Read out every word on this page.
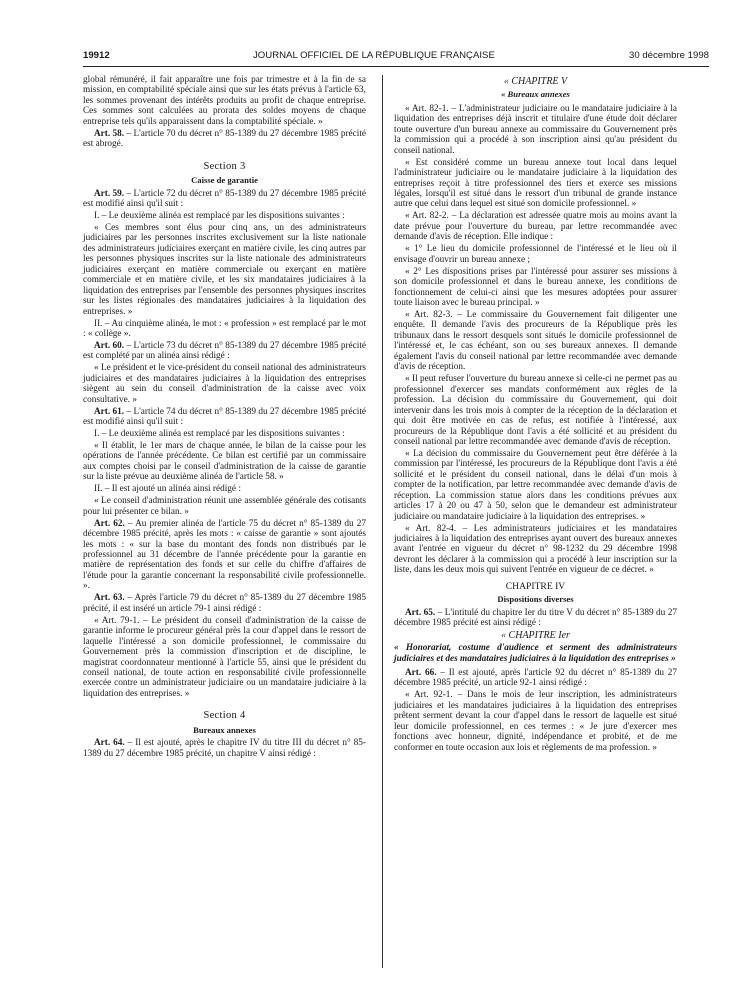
19912	JOURNAL OFFICIEL DE LA RÉPUBLIQUE FRANÇAISE	30 décembre 1998

global rémunéré, il fait apparaître une fois par trimestre et à la fin de sa mission, en comptabilité spéciale ainsi que sur les états prévus à l'article 63, les sommes provenant des intérêts produits au profit de chaque entreprise. Ces sommes sont calculées au prorata des soldes moyens de chaque entreprise tels qu'ils apparaissent dans la comptabilité spéciale. »

Art. 58. – L'article 70 du décret n° 85-1389 du 27 décembre 1985 précité est abrogé.

Section 3
Caisse de garantie

Art. 59. – L'article 72 du décret n° 85-1389 du 27 décembre 1985 précité est modifié ainsi qu'il suit :

I. – Le deuxième alinéa est remplacé par les dispositions suivantes :

« Ces membres sont élus pour cinq ans, un des administrateurs judiciaires par les personnes inscrites exclusivement sur la liste nationale des administrateurs judiciaires exerçant en matière civile, les cinq autres par les personnes physiques inscrites sur la liste nationale des administrateurs judiciaires exerçant en matière commerciale ou exerçant en matière commerciale et en matière civile, et les six mandataires judiciaires à la liquidation des entreprises par l'ensemble des personnes physiques inscrites sur les listes régionales des mandataires judiciaires à la liquidation des entreprises. »

II. – Au cinquième alinéa, le mot : « profession » est remplacé par le mot : « collège ».

Art. 60. – L'article 73 du décret n° 85-1389 du 27 décembre 1985 précité est complété par un alinéa ainsi rédigé :

« Le président et le vice-président du conseil national des administrateurs judiciaires et des mandataires judiciaires à la liquidation des entreprises siègent au sein du conseil d'administration de la caisse avec voix consultative. »

Art. 61. – L'article 74 du décret n° 85-1389 du 27 décembre 1985 précité est modifié ainsi qu'il suit :

I. – Le deuxième alinéa est remplacé par les dispositions suivantes :

« Il établit, le 1er mars de chaque année, le bilan de la caisse pour les opérations de l'année précédente. Ce bilan est certifié par un commissaire aux comptes choisi par le conseil d'administration de la caisse de garantie sur la liste prévue au deuxième alinéa de l'article 58. »

II. – Il est ajouté un alinéa ainsi rédigé :

« Le conseil d'administration réunit une assemblée générale des cotisants pour lui présenter ce bilan. »

Art. 62. – Au premier alinéa de l'article 75 du décret n° 85-1389 du 27 décembre 1985 précité, après les mots : « caisse de garantie » sont ajoutés les mots : « sur la base du montant des fonds non distribués par le professionnel au 31 décembre de l'année précédente pour la garantie en matière de représentation des fonds et sur celle du chiffre d'affaires de l'étude pour la garantie concernant la responsabilité civile professionnelle. ».

Art. 63. – Après l'article 79 du décret n° 85-1389 du 27 décembre 1985 précité, il est inséré un article 79-1 ainsi rédigé :

« Art. 79-1. – Le président du conseil d'administration de la caisse de garantie informe le procureur général près la cour d'appel dans le ressort de laquelle l'intéressé a son domicile professionnel, le commissaire du Gouvernement près la commission d'inscription et de discipline, le magistrat coordonnateur mentionné à l'article 55, ainsi que le président du conseil national, de toute action en responsabilité civile professionnelle exercée contre un administrateur judiciaire ou un mandataire judiciaire à la liquidation des entreprises. »

Section 4
Bureaux annexes

Art. 64. – Il est ajouté, après le chapitre IV du titre III du décret n° 85-1389 du 27 décembre 1985 précité, un chapitre V ainsi rédigé :

« CHAPITRE V
« Bureaux annexes

« Art. 82-1. – L'administrateur judiciaire ou le mandataire judiciaire à la liquidation des entreprises déjà inscrit et titulaire d'une étude doit déclarer toute ouverture d'un bureau annexe au commissaire du Gouvernement près la commission qui a procédé à son inscription ainsi qu'au président du conseil national.

« Est considéré comme un bureau annexe tout local dans lequel l'administrateur judiciaire ou le mandataire judiciaire à la liquidation des entreprises reçoit à titre professionnel des tiers et exerce ses missions légales, lorsqu'il est situé dans le ressort d'un tribunal de grande instance autre que celui dans lequel est situé son domicile professionnel. »

« Art. 82-2. – La déclaration est adressée quatre mois au moins avant la date prévue pour l'ouverture du bureau, par lettre recommandée avec demande d'avis de réception. Elle indique :

« 1° Le lieu du domicile professionnel de l'intéressé et le lieu où il envisage d'ouvrir un bureau annexe ;

« 2° Les dispositions prises par l'intéressé pour assurer ses missions à son domicile professionnel et dans le bureau annexe, les conditions de fonctionnement de celui-ci ainsi que les mesures adoptées pour assurer toute liaison avec le bureau principal. »

« Art. 82-3. – Le commissaire du Gouvernement fait diligenter une enquête. Il demande l'avis des procureurs de la République près les tribunaux dans le ressort desquels sont situés le domicile professionnel de l'intéressé et, le cas échéant, son ou ses bureaux annexes. Il demande également l'avis du conseil national par lettre recommandée avec demande d'avis de réception.

« Il peut refuser l'ouverture du bureau annexe si celle-ci ne permet pas au professionnel d'exercer ses mandats conformément aux règles de la profession. La décision du commissaire du Gouvernement, qui doit intervenir dans les trois mois à compter de la réception de la déclaration et qui doit être motivée en cas de refus, est notifiée à l'intéressé, aux procureurs de la République dont l'avis a été sollicité et au président du conseil national par lettre recommandée avec demande d'avis de réception.

« La décision du commissaire du Gouvernement peut être déférée à la commission par l'intéressé, les procureurs de la République dont l'avis a été sollicité et le président du conseil national, dans le délai d'un mois à compter de la notification, par lettre recommandée avec demande d'avis de réception. La commission statue alors dans les conditions prévues aux articles 17 à 20 ou 47 à 50, selon que le demandeur est administrateur judiciaire ou mandataire judiciaire à la liquidation des entreprises. »

« Art. 82-4. – Les administrateurs judiciaires et les mandataires judiciaires à la liquidation des entreprises ayant ouvert des bureaux annexes avant l'entrée en vigueur du décret n° 98-1232 du 29 décembre 1998 devront les déclarer à la commission qui a procédé à leur inscription sur la liste, dans les deux mois qui suivent l'entrée en vigueur de ce décret. »

CHAPITRE IV
Dispositions diverses

Art. 65. – L'intitulé du chapitre Ier du titre V du décret n° 85-1389 du 27 décembre 1985 précité est ainsi rédigé :

« CHAPITRE Ier

« Honorariat, costume d'audience et serment des administrateurs judiciaires et des mandataires judiciaires à la liquidation des entreprises »

Art. 66. – Il est ajouté, après l'article 92 du décret n° 85-1389 du 27 décembre 1985 précité, un article 92-1 ainsi rédigé :

« Art. 92-1. – Dans le mois de leur inscription, les administrateurs judiciaires et les mandataires judiciaires à la liquidation des entreprises prêtent serment devant la cour d'appel dans le ressort de laquelle est situé leur domicile professionnel, en ces termes : « Je jure d'exercer mes fonctions avec honneur, dignité, indépendance et probité, et de me conformer en toute occasion aux lois et règlements de ma profession. »
